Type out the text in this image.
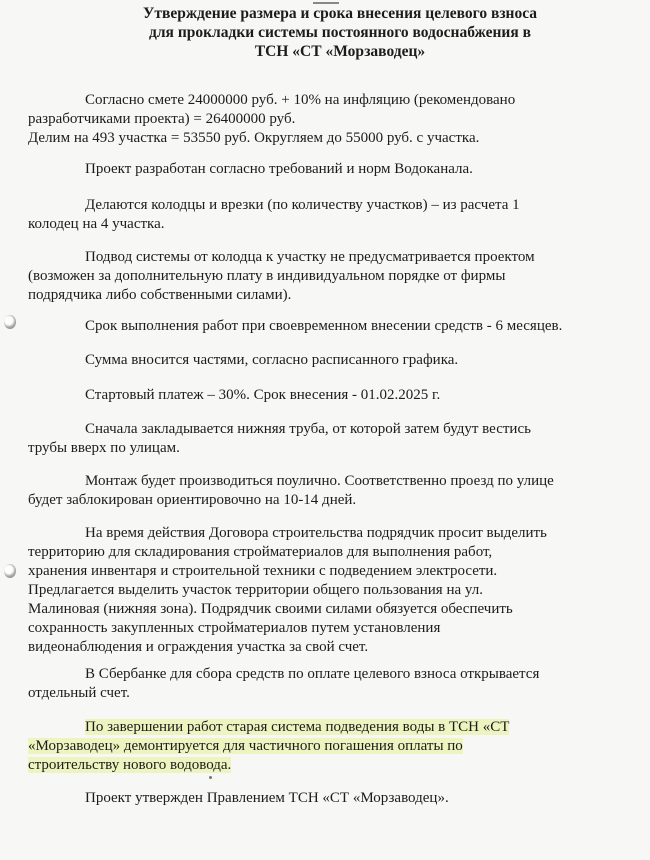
Утверждение размера и срока внесения целевого взноса
для прокладки системы постоянного водоснабжения в
ТСН «СТ «Морзаводец»
Согласно смете 24000000 руб. + 10% на инфляцию (рекомендовано
разработчиками проекта) = 26400000 руб.
Делим на 493 участка = 53550 руб. Округляем до 55000 руб. с участка.
Проект разработан согласно требований и норм Водоканала.
Делаются колодцы и врезки (по количеству участков) – из расчета 1
колодец на 4 участка.
Подвод системы от колодца к участку не предусматривается проектом
(возможен за дополнительную плату в индивидуальном порядке от фирмы
подрядчика либо собственными силами).
Срок выполнения работ при своевременном внесении средств - 6 месяцев.
Сумма вносится частями, согласно расписанного графика.
Стартовый платеж – 30%. Срок внесения - 01.02.2025 г.
Сначала закладывается нижняя труба, от которой затем будут вестись
трубы вверх по улицам.
Монтаж будет производиться поулично. Соответственно проезд по улице
будет заблокирован ориентировочно на 10-14 дней.
На время действия Договора строительства подрядчик просит выделить
территорию для складирования стройматериалов для выполнения работ,
хранения инвентаря и строительной техники с подведением электросети.
Предлагается выделить участок территории общего пользования на ул.
Малиновая (нижняя зона). Подрядчик своими силами обязуется обеспечить
сохранность закупленных стройматериалов путем установления
видеонаблюдения и ограждения участка за свой счет.
В Сбербанке для сбора средств по оплате целевого взноса открывается
отдельный счет.
По завершении работ старая система подведения воды в ТСН «СТ
«Морзаводец» демонтируется для частичного погашения оплаты по
строительству нового водовода.
Проект утвержден Правлением ТСН «СТ «Морзаводец».
